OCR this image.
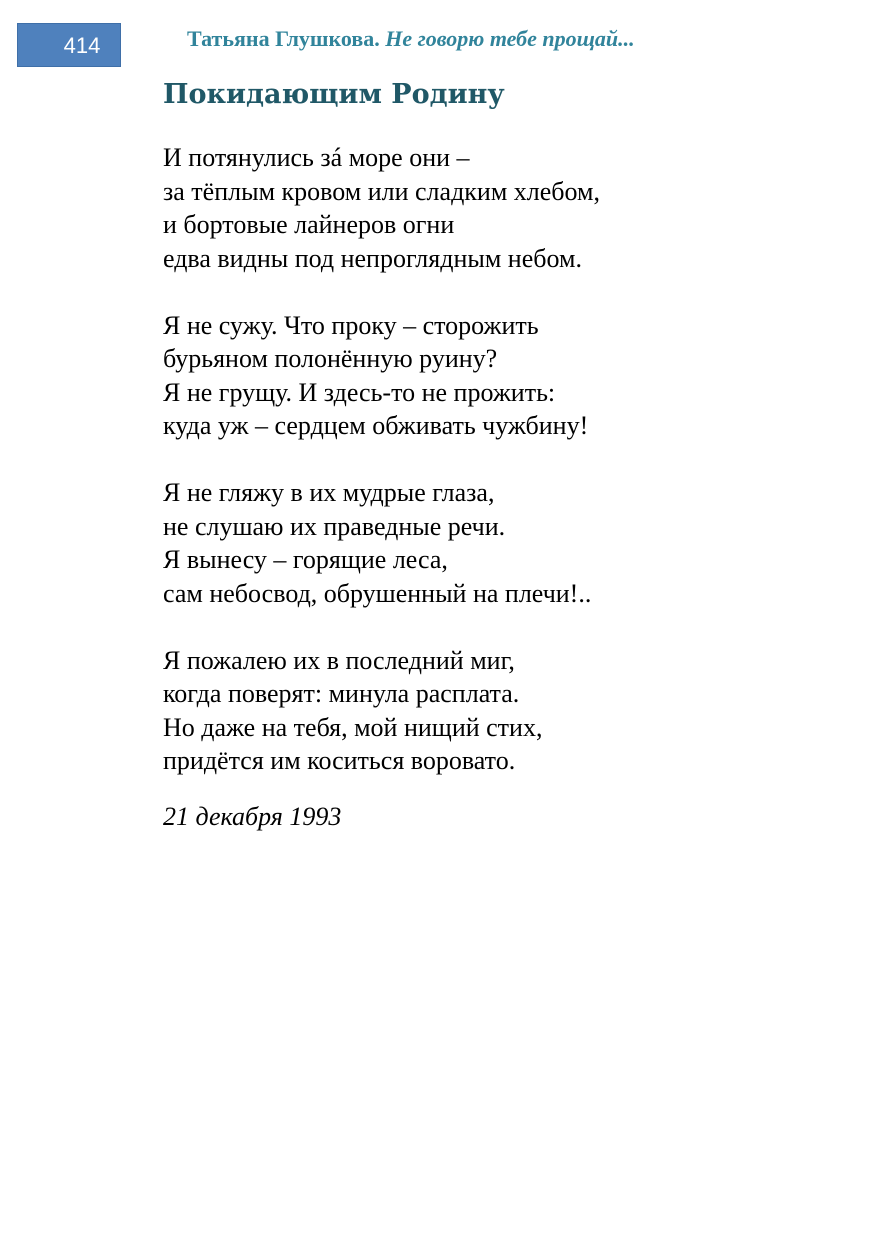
414	Татьяна Глушкова. Не говорю тебе прощай...
Покидающим Родину
И потянулись зá море они –
за тёплым кровом или сладким хлебом,
и бортовые лайнеров огни
едва видны под непроглядным небом.
Я не сужу. Что проку – сторожить
бурьяном полонённую руину?
Я не грущу. И здесь-то не прожить:
куда уж – сердцем обживать чужбину!
Я не гляжу в их мудрые глаза,
не слушаю их праведные речи.
Я вынесу – горящие леса,
сам небосвод, обрушенный на плечи!..
Я пожалею их в последний миг,
когда поверят: минула расплата.
Но даже на тебя, мой нищий стих,
придётся им коситься воровато.
21 декабря 1993
